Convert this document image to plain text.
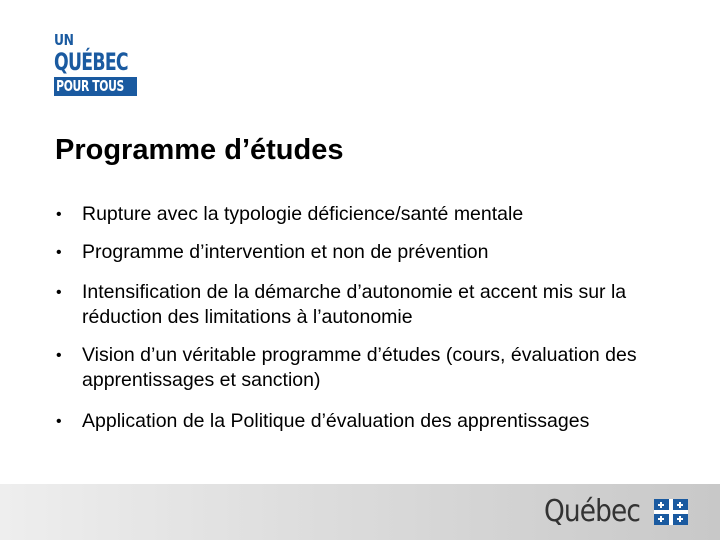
UN
QUÉBEC
POUR TOUS
Programme d’études
• Rupture avec la typologie déficience/santé mentale
• Programme d’intervention et non de prévention
• Intensification de la démarche d’autonomie et accent mis sur la réduction des limitations à l’autonomie
• Vision d’un véritable programme d’études (cours, évaluation des apprentissages et sanction)
• Application de la Politique d’évaluation des apprentissages
Québec
